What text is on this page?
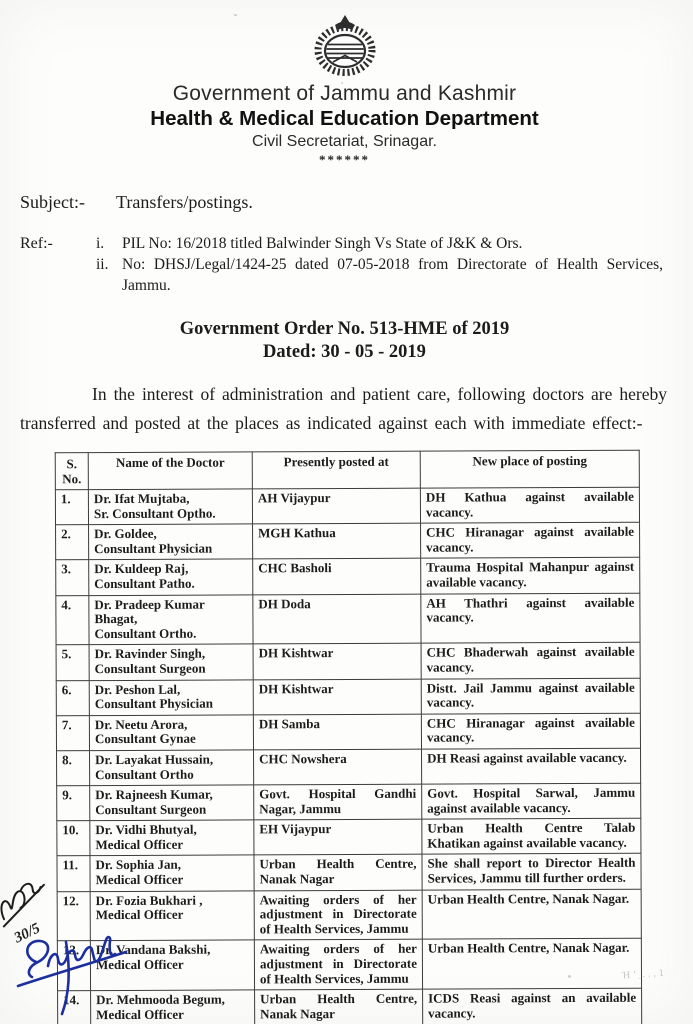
Government of Jammu and Kashmir
Health & Medical Education Department
Civil Secretariat, Srinagar.
******
Subject:-	Transfers/postings.
Ref:-	i.	PIL No: 16/2018 titled Balwinder Singh Vs State of J&K & Ors.
ii. No: DHSJ/Legal/1424-25 dated 07-05-2018 from Directorate of Health Services, Jammu.
Government Order No. 513-HME of 2019
Dated: 30 - 05 - 2019

In the interest of administration and patient care, following doctors are hereby transferred and posted at the places as indicated against each with immediate effect:-

S.
No.	Name of the Doctor	Presently posted at	New place of posting
1.	Dr. Ifat Mujtaba,
Sr. Consultant Optho.	AH Vijaypur	DH Kathua against available vacancy.
2.	Dr. Goldee,
Consultant Physician	MGH Kathua	CHC Hiranagar against available vacancy.
3.	Dr. Kuldeep Raj,
Consultant Patho.	CHC Basholi	Trauma Hospital Mahanpur against available vacancy.
4.	Dr. Pradeep Kumar Bhagat,
Consultant Ortho.	DH Doda	AH Thathri against available vacancy.
5.	Dr. Ravinder Singh,
Consultant Surgeon	DH Kishtwar	CHC Bhaderwah against available vacancy.
6.	Dr. Peshon Lal,
Consultant Physician	DH Kishtwar	Distt. Jail Jammu against available vacancy.
7.	Dr. Neetu Arora,
Consultant Gynae	DH Samba	CHC Hiranagar against available vacancy.
8.	Dr. Layakat Hussain,
Consultant Ortho	CHC Nowshera	DH Reasi against available vacancy.
9.	Dr. Rajneesh Kumar,
Consultant Surgeon	Govt. Hospital Gandhi Nagar, Jammu	Govt. Hospital Sarwal, Jammu against available vacancy.
10.	Dr. Vidhi Bhutyal,
Medical Officer	EH Vijaypur	Urban Health Centre Talab Khatikan against available vacancy.
11.	Dr. Sophia Jan,
Medical Officer	Urban Health Centre, Nanak Nagar	She shall report to Director Health Services, Jammu till further orders.
12.	Dr. Fozia Bukhari ,
Medical Officer	Awaiting orders of her adjustment in Directorate of Health Services, Jammu	Urban Health Centre, Nanak Nagar.
13.	Dr. Vandana Bakshi,
Medical Officer	Awaiting orders of her adjustment in Directorate of Health Services, Jammu	Urban Health Centre, Nanak Nagar.
14.	Dr. Mehmooda Begum,
Medical Officer	Urban Health Centre, Nanak Nagar	ICDS Reasi against an available vacancy.
30/5
Ήʼַ..,1
